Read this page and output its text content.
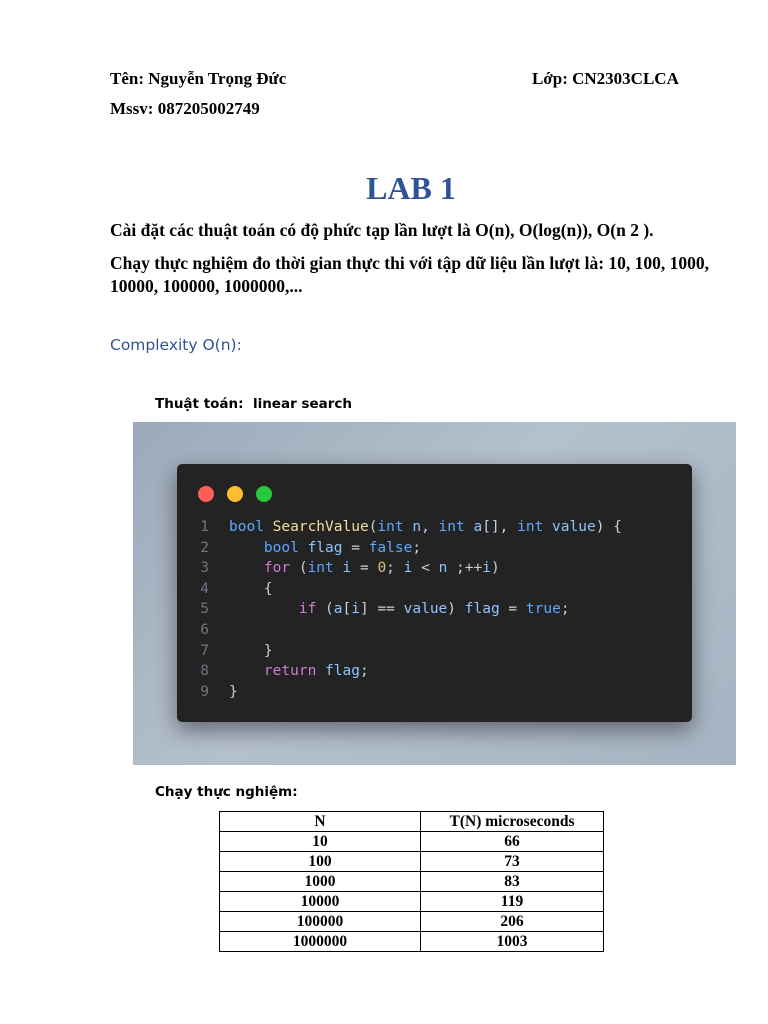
Tên: Nguyễn Trọng Đức	Lớp: CN2303CLCA
Mssv: 087205002749
LAB 1
Cài đặt các thuật toán có độ phức tạp lần lượt là O(n), O(log(n)), O(n 2 ).
Chạy thực nghiệm đo thời gian thực thi với tập dữ liệu lần lượt là: 10, 100, 1000, 10000, 100000, 1000000,...
Complexity O(n):
Thuật toán:  linear search
1 bool SearchValue(int n, int a[], int value) {
2	bool flag = false;
3	for (int i = 0; i < n ;++i)
4 {
5	if (a[i] == value) flag = true;
6
7 }
8	return flag;
9 }
Chạy thực nghiệm:
N	T(N) microseconds
10	66
100	73
1000	83
10000	119
100000	206
1000000	1003
